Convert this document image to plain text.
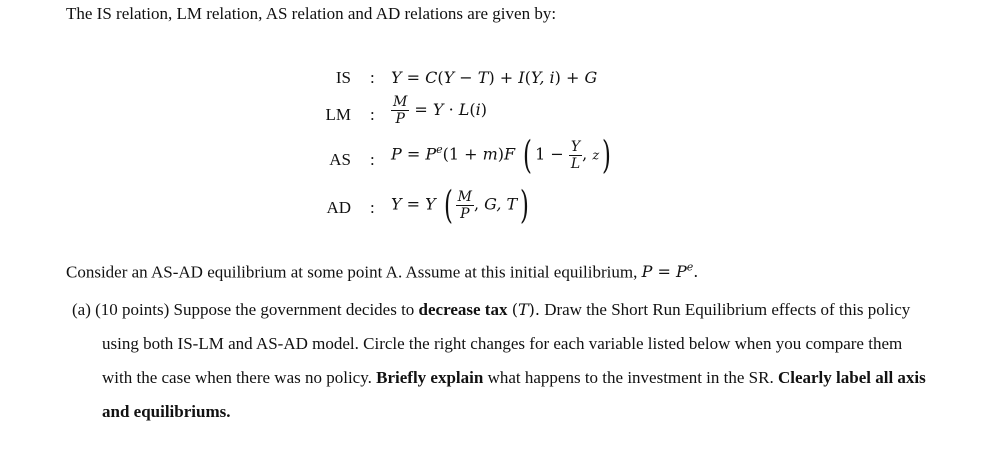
The IS relation, LM relation, AS relation and AD relations are given by:
IS : Y = C(Y − T) + I(Y, i) + G
LM : $\frac{M}{P} = Y \cdot L(i)$
AS : $P = P^e(1 + m)F$ ( $1 - \frac{Y}{L}$ , z)
AD : Y = Y ( $\frac{M}{P}$ , G, T)
Consider an AS-AD equilibrium at some point A. Assume at this initial equilibrium, $P = P^e$.
(a) (10 points) Suppose the government decides to decrease tax (T). Draw the Short Run Equilibrium effects of this policy using both IS-LM and AS-AD model. Circle the right changes for each variable listed below when you compare them with the case when there was no policy. Briefly explain what happens to the investment in the SR. Clearly label all axis and equilibriums.
